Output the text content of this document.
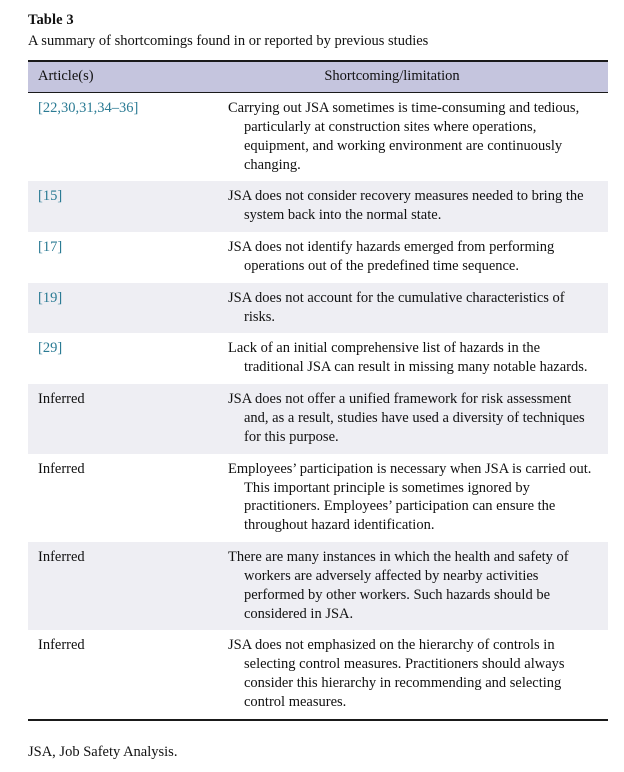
Table 3
A summary of shortcomings found in or reported by previous studies
Article(s)	Shortcoming/limitation
[22,30,31,34–36]	Carrying out JSA sometimes is time-consuming and tedious, particularly at construction sites where operations, equipment, and working environment are continuously changing.
[15]	JSA does not consider recovery measures needed to bring the system back into the normal state.
[17]	JSA does not identify hazards emerged from performing operations out of the predefined time sequence.
[19]	JSA does not account for the cumulative characteristics of risks.
[29]	Lack of an initial comprehensive list of hazards in the traditional JSA can result in missing many notable hazards.
Inferred	JSA does not offer a unified framework for risk assessment and, as a result, studies have used a diversity of techniques for this purpose.
Inferred	Employees’ participation is necessary when JSA is carried out. This important principle is sometimes ignored by practitioners. Employees’ participation can ensure the throughout hazard identification.
Inferred	There are many instances in which the health and safety of workers are adversely affected by nearby activities performed by other workers. Such hazards should be considered in JSA.
Inferred	JSA does not emphasized on the hierarchy of controls in selecting control measures. Practitioners should always consider this hierarchy in recommending and selecting control measures.
JSA, Job Safety Analysis.
